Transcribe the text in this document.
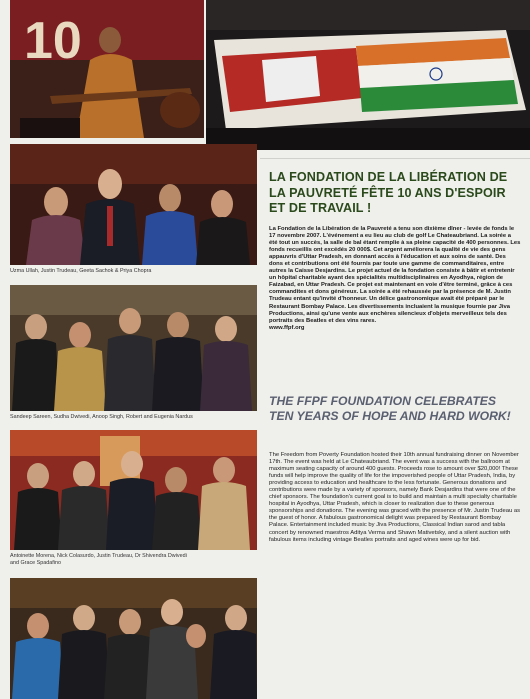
10
Uzma Ullah, Justin Trudeau, Geeta Sachok & Priya Chopra
Sandeep Sareen, Sudha Dwivedi, Anoop Singh, Robert and Eugenia Nardus
Antoinette Morena, Nick Colasurdo, Justin Trudeau, Dr Shivendra Dwivedi
and Grace Spadafino
LA FONDATION DE LA LIBÉRATION DE LA PAUVRETÉ FÊTE 10 ANS D'ESPOIR ET DE TRAVAIL !
La Fondation de la Libération de la Pauvreté a tenu son dixième dîner - levée de fonds le 17 novembre 2007. L'événement a eu lieu au club de golf Le Chateaubriand. La soirée a été tout un succès, la salle de bal étant remplie à sa pleine capacité de 400 personnes. Les fonds recueillis ont excédés 20 000$. Cet argent améliorera la qualité de vie des gens appauvris d'Uttar Pradesh, en donnant accès à l'éducation et aux soins de santé. Des dons et contributions ont été fournis par toute une gamme de commanditaires, entre autres la Caisse Desjardins. Le projet actuel de la fondation consiste à bâtir et entretenir un hôpital charitable ayant des spécialités multidisciplinaires en Ayodhya, région de Faizabad, en Uttar Pradesh. Ce projet est maintenant en voie d'être terminé, grâce à ces commandites et dons généreux. La soirée a été rehaussée par la présence de M. Justin Trudeau entant qu'invité d'honneur. Un délice gastronomique avait été préparé par le Restaurant Bombay Palace. Les divertissements incluaient la musique fournie par Jiva Productions, ainsi qu'une vente aux enchères silencieux d'objets merveilleux tels des portraits des Beatles et des vins rares.
www.ffpf.org
THE FFPF FOUNDATION CELEBRATES TEN YEARS OF HOPE AND HARD WORK!
The Freedom from Poverty Foundation hosted their 10th annual fundraising dinner on November 17th. The event was held at Le Chateaubriand. The event was a success with the ballroom at maximum seating capacity of around 400 guests. Proceeds rose to amount over $20,000! These funds will help improve the quality of life for the impoverished people of Uttar Pradesh, India, by providing access to education and healthcare to the less fortunate. Generous donations and contributions were made by a variety of sponsors, namely Bank Desjardins that were one of the chief sponsors. The foundation's current goal is to build and maintain a multi specialty charitable hospital in Ayodhya, Uttar Pradesh, which is closer to realization due to these generous sponsorships and donations. The evening was graced with the presence of Mr. Justin Trudeau as the guest of honor. A fabulous gastronomical delight was prepared by Restaurant Bombay Palace. Entertainment included music by Jiva Productions, Classical Indian sarod and tabla concert by renowned maestros Aditya Verma and Shawn Mativetsky, and a silent auction with fabulous items including vintage Beatles portraits and aged wines were up for bid.
